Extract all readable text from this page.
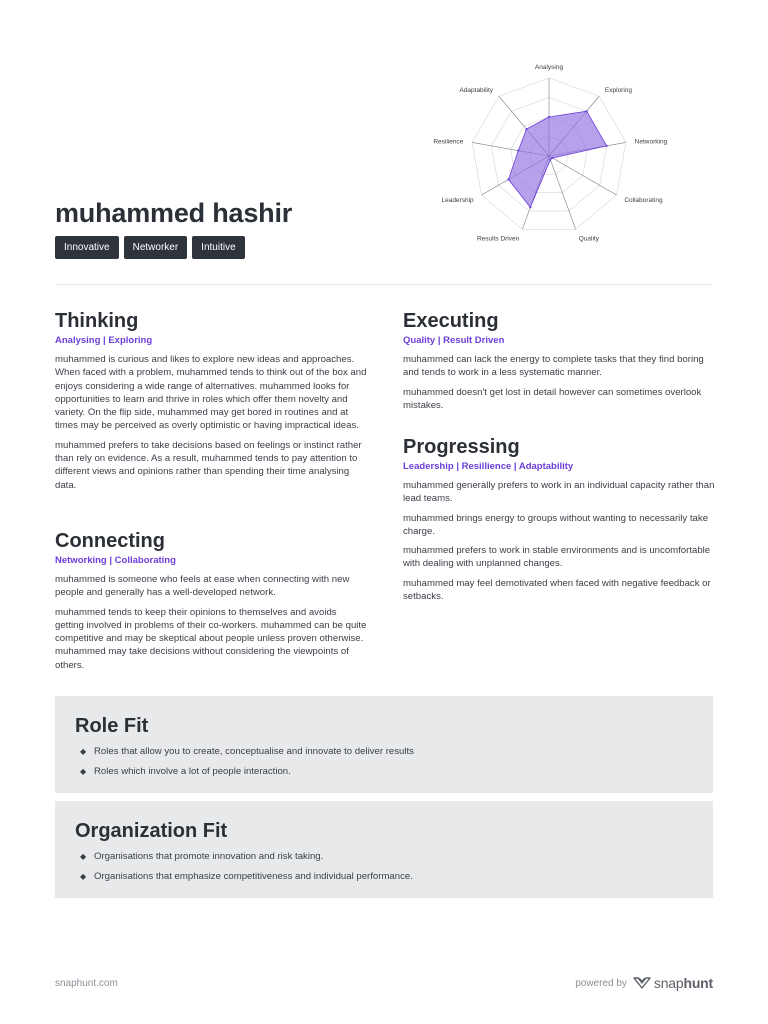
Analysing
Exploring
Networking
Collaborating
Quality
Results Driven
Leadership
Resilience
Adaptability
muhammed hashir
Innovative	Networker	Intuitive
Thinking
Analysing | Exploring

muhammed is curious and likes to explore new ideas and approaches. When faced with a problem, muhammed tends to think out of the box and enjoys considering a wide range of alternatives. muhammed looks for opportunities to learn and thrive in roles which offer them novelty and variety. On the flip side, muhammed may get bored in routines and at times may be perceived as overly optimistic or having impractical ideas.

muhammed prefers to take decisions based on feelings or instinct rather than rely on evidence. As a result, muhammed tends to pay attention to different views and opinions rather than spending their time analysing data.

Connecting
Networking | Collaborating

muhammed is someone who feels at ease when connecting with new people and generally has a well-developed network.

muhammed tends to keep their opinions to themselves and avoids getting involved in problems of their co-workers. muhammed can be quite competitive and may be skeptical about people unless proven otherwise. muhammed may take decisions without considering the viewpoints of others.

Executing
Quality | Result Driven

muhammed can lack the energy to complete tasks that they find boring and tends to work in a less systematic manner.

muhammed doesn't get lost in detail however can sometimes overlook mistakes.

Progressing
Leadership | Resillience | Adaptability

muhammed generally prefers to work in an individual capacity rather than lead teams.

muhammed brings energy to groups without wanting to necessarily take charge.

muhammed prefers to work in stable environments and is uncomfortable with dealing with unplanned changes.

muhammed may feel demotivated when faced with negative feedback or setbacks.

Role Fit
◆ Roles that allow you to create, conceptualise and innovate to deliver results
◆ Roles which involve a lot of people interaction.
Organization Fit
◆ Organisations that promote innovation and risk taking.
◆ Organisations that emphasize competitiveness and individual performance.
snaphunt.com	powered by snaphunt
